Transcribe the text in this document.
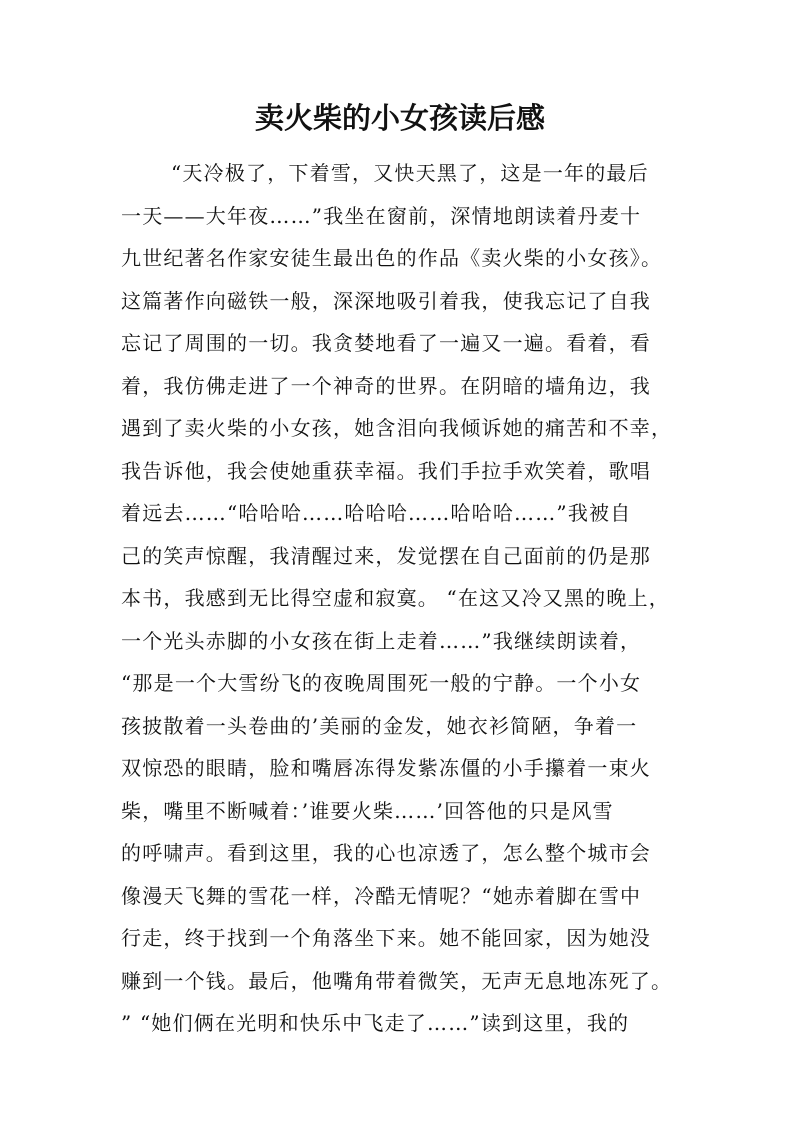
卖火柴的小女孩读后感
“天冷极了，下着雪，又快天黑了，这是一年的最后
一天——大年夜……”我坐在窗前，深情地朗读着丹麦十
九世纪著名作家安徒生最出色的作品《卖火柴的小女孩》。
这篇著作向磁铁一般，深深地吸引着我，使我忘记了自我
忘记了周围的一切。我贪婪地看了一遍又一遍。看着，看
着，我仿佛走进了一个神奇的世界。在阴暗的墙角边，我
遇到了卖火柴的小女孩，她含泪向我倾诉她的痛苦和不幸，
我告诉他，我会使她重获幸福。我们手拉手欢笑着，歌唱
着远去……“哈哈哈……哈哈哈……哈哈哈……”我被自
己的笑声惊醒，我清醒过来，发觉摆在自己面前的仍是那
本书，我感到无比得空虚和寂寞。 “在这又冷又黑的晚上，
一个光头赤脚的小女孩在街上走着……”我继续朗读着，
“那是一个大雪纷飞的夜晚周围死一般的宁静。一个小女
孩披散着一头卷曲的’美丽的金发，她衣衫简陋，争着一
双惊恐的眼睛，脸和嘴唇冻得发紫冻僵的小手攥着一束火
柴，嘴里不断喊着：’谁要火柴……’回答他的只是风雪
的呼啸声。看到这里，我的心也凉透了，怎么整个城市会
像漫天飞舞的雪花一样，冷酷无情呢？“她赤着脚在雪中
行走，终于找到一个角落坐下来。她不能回家，因为她没
赚到一个钱。最后，他嘴角带着微笑，无声无息地冻死了。
” “她们俩在光明和快乐中飞走了……”读到这里，我的
